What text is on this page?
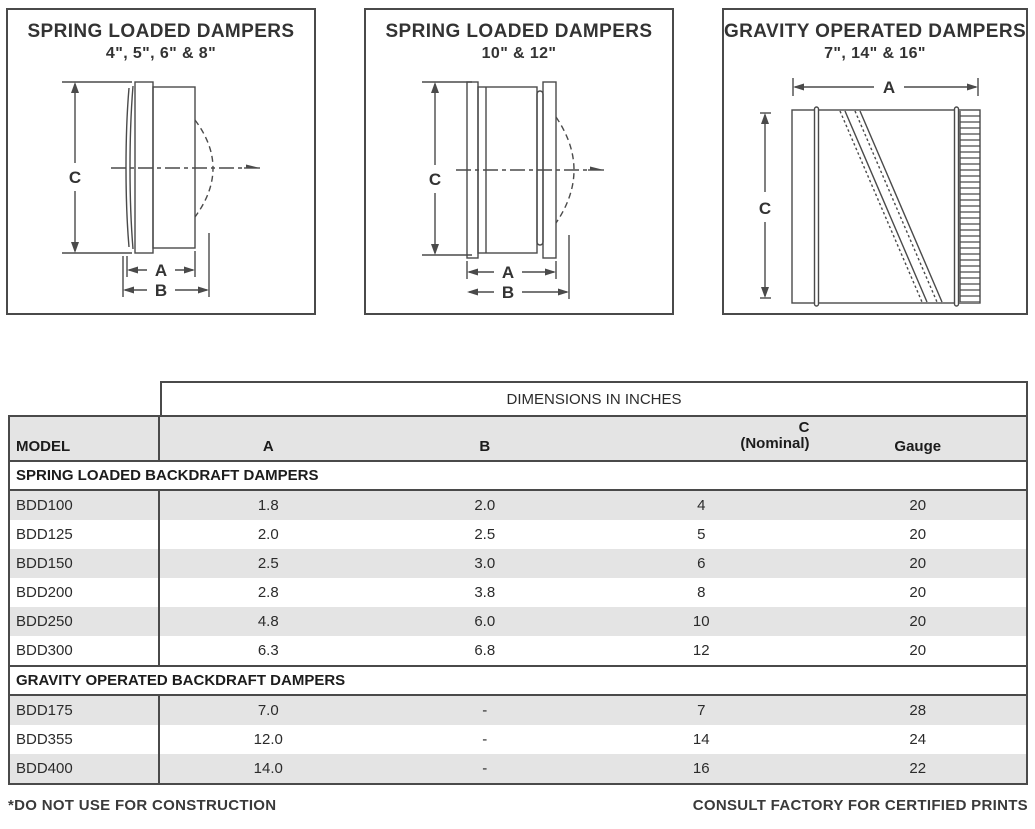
SPRING LOADED DAMPERS
4", 5", 6" & 8"
C
A
B
SPRING LOADED DAMPERS
10" & 12"
C
A
B
GRAVITY OPERATED DAMPERS
7", 14" & 16"
A
C
DIMENSIONS IN INCHES
MODEL	A	B
C
(Nominal)	Gauge
SPRING LOADED BACKDRAFT DAMPERS
BDD100	1.8	2.0	4	20
BDD125	2.0	2.5	5	20
BDD150	2.5	3.0	6	20
BDD200	2.8	3.8	8	20
BDD250	4.8	6.0	10	20
BDD300	6.3	6.8	12	20
GRAVITY OPERATED BACKDRAFT DAMPERS
BDD175	7.0	-	7	28
BDD355	12.0	-	14	24
BDD400	14.0	-	16	22
*DO NOT USE FOR CONSTRUCTION	CONSULT FACTORY FOR CERTIFIED PRINTS
